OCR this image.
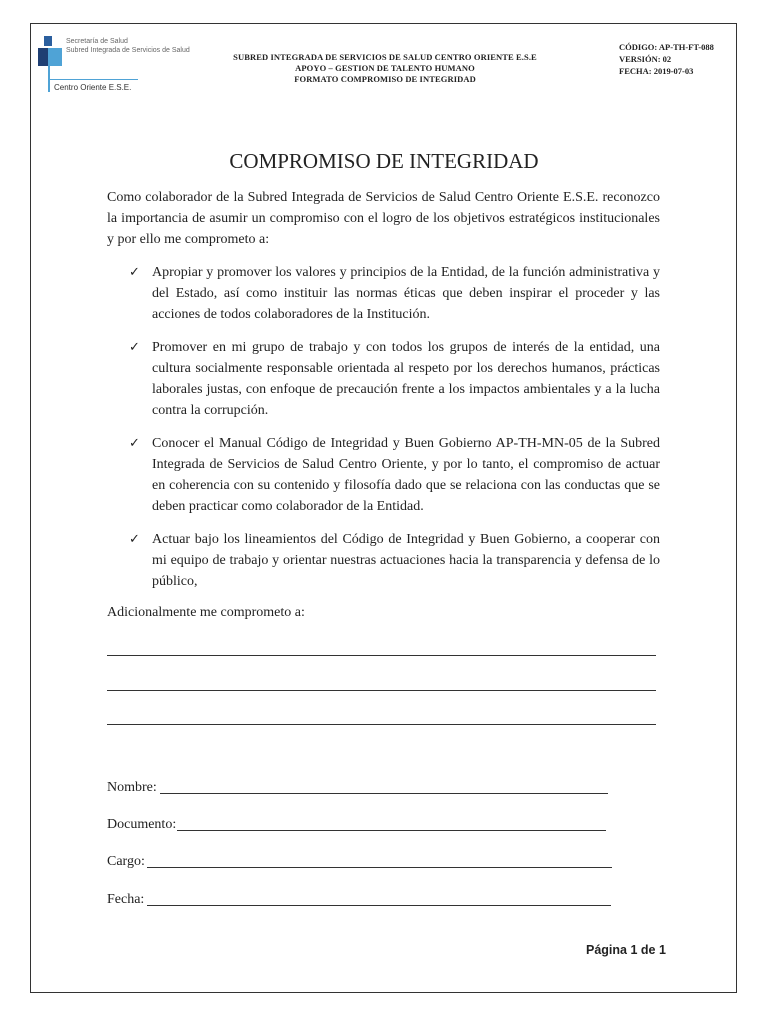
Secretaría de Salud
Subred Integrada de Servicios de Salud
Centro Oriente E.S.E.
SUBRED INTEGRADA DE SERVICIOS DE SALUD CENTRO ORIENTE E.S.E
APOYO – GESTION DE TALENTO HUMANO
FORMATO COMPROMISO DE INTEGRIDAD
CÓDIGO: AP-TH-FT-088
VERSIÓN: 02
FECHA: 2019-07-03
COMPROMISO DE INTEGRIDAD
Como colaborador de la Subred Integrada de Servicios de Salud Centro Oriente E.S.E. reconozco la importancia de asumir un compromiso con el logro de los objetivos estratégicos institucionales y por ello me comprometo a:
✓ Apropiar y promover los valores y principios de la Entidad, de la función administrativa y del Estado, así como instituir las normas éticas que deben inspirar el proceder y las acciones de todos colaboradores de la Institución.
✓ Promover en mi grupo de trabajo y con todos los grupos de interés de la entidad, una cultura socialmente responsable orientada al respeto por los derechos humanos, prácticas laborales justas, con enfoque de precaución frente a los impactos ambientales y a la lucha contra la corrupción.
✓ Conocer el Manual Código de Integridad y Buen Gobierno AP-TH-MN-05 de la Subred Integrada de Servicios de Salud Centro Oriente, y por lo tanto, el compromiso de actuar en coherencia con su contenido y filosofía dado que se relaciona con las conductas que se deben practicar como colaborador de la Entidad.
✓ Actuar bajo los lineamientos del Código de Integridad y Buen Gobierno, a cooperar con mi equipo de trabajo y orientar nuestras actuaciones hacia la transparencia y defensa de lo público,
Adicionalmente me comprometo a:
Nombre:
Documento:
Cargo:
Fecha:
Página 1 de 1
